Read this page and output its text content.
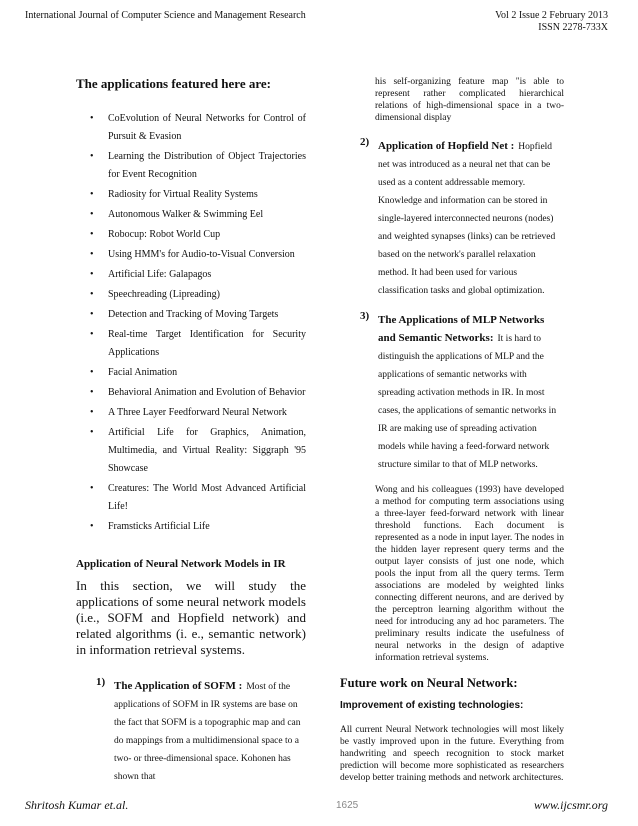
International Journal of Computer Science and Management Research	Vol 2 Issue 2 February 2013
ISSN 2278-733X
The applications featured here are:
• CoEvolution of Neural Networks for Control of Pursuit & Evasion
• Learning the Distribution of Object Trajectories for Event Recognition
• Radiosity for Virtual Reality Systems
• Autonomous Walker & Swimming Eel
• Robocup: Robot World Cup
• Using HMM's for Audio-to-Visual Conversion
• Artificial Life: Galapagos
• Speechreading (Lipreading)
• Detection and Tracking of Moving Targets
• Real-time Target Identification for Security Applications
• Facial Animation
• Behavioral Animation and Evolution of Behavior
• A Three Layer Feedforward Neural Network
• Artificial Life for Graphics, Animation, Multimedia, and Virtual Reality: Siggraph '95 Showcase
• Creatures: The World Most Advanced Artificial Life!
• Framsticks Artificial Life
Application of Neural Network Models in IR

In this section, we will study the applications of some neural network models (i.e., SOFM and Hopfield network) and related algorithms (i. e., semantic network) in information retrieval systems.

1) The Application of SOFM : Most of the applications of SOFM in IR systems are base on the fact that SOFM is a topographic map and can do mappings from a multidimensional space to a two- or three-dimensional space. Kohonen has shown that

his self-organizing feature map "is able to represent rather complicated hierarchical relations of high-dimensional space in a two-dimensional display

2) Application of Hopfield Net : Hopfield net was introduced as a neural net that can be used as a content addressable memory. Knowledge and information can be stored in single-layered interconnected neurons (nodes) and weighted synapses (links) can be retrieved based on the network's parallel relaxation method. It had been used for various classification tasks and global optimization.
3) The Applications of MLP Networks and Semantic Networks: It is hard to distinguish the applications of MLP and the applications of semantic networks with spreading activation methods in IR. In most cases, the applications of semantic networks in IR are making use of spreading activation models while having a feed-forward network structure similar to that of MLP networks.

Wong and his colleagues (1993) have developed a method for computing term associations using a three-layer feed-forward network with linear threshold functions. Each document is represented as a node in input layer. The nodes in the hidden layer represent query terms and the output layer consists of just one node, which pools the input from all the query terms. Term associations are modeled by weighted links connecting different neurons, and are derived by the perceptron learning algorithm without the need for introducing any ad hoc parameters. The preliminary results indicate the usefulness of neural networks in the design of adaptive information retrieval systems.

Future work on Neural Network:
Improvement of existing technologies:

All current Neural Network technologies will most likely be vastly improved upon in the future. Everything from handwriting and speech recognition to stock market prediction will become more sophisticated as researchers develop better training methods and network architectures.

Shritosh Kumar et.al.	1625	www.ijcsmr.org
